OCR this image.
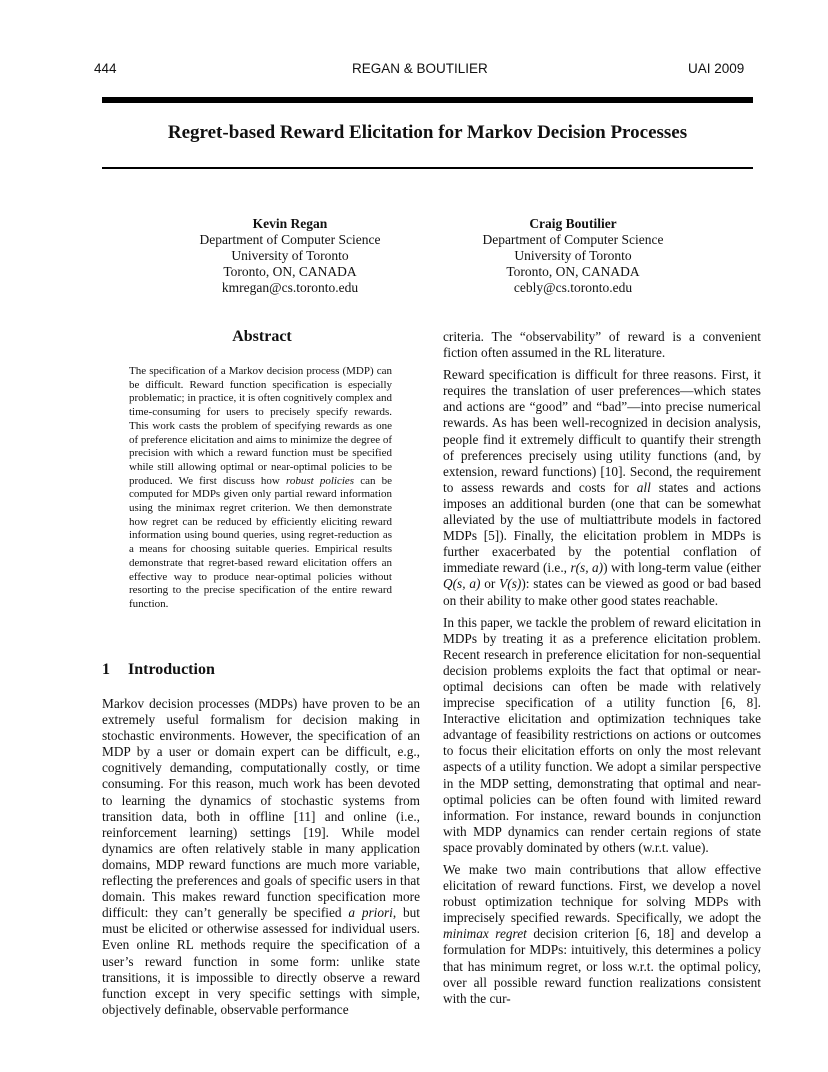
444	REGAN & BOUTILIER	UAI 2009
Regret-based Reward Elicitation for Markov Decision Processes
Kevin Regan
Department of Computer Science
University of Toronto
Toronto, ON, CANADA
kmregan@cs.toronto.edu
Craig Boutilier
Department of Computer Science
University of Toronto
Toronto, ON, CANADA
cebly@cs.toronto.edu
Abstract
The specification of a Markov decision process (MDP) can be difficult. Reward function specification is especially problematic; in practice, it is often cognitively complex and time-consuming for users to precisely specify rewards. This work casts the problem of specifying rewards as one of preference elicitation and aims to minimize the degree of precision with which a reward function must be specified while still allowing optimal or near-optimal policies to be produced. We first discuss how robust policies can be computed for MDPs given only partial reward information using the minimax regret criterion. We then demonstrate how regret can be reduced by efficiently eliciting reward information using bound queries, using regret-reduction as a means for choosing suitable queries. Empirical results demonstrate that regret-based reward elicitation offers an effective way to produce near-optimal policies without resorting to the precise specification of the entire reward function.
1 Introduction

Markov decision processes (MDPs) have proven to be an extremely useful formalism for decision making in stochastic environments. However, the specification of an MDP by a user or domain expert can be difficult, e.g., cognitively demanding, computationally costly, or time consuming. For this reason, much work has been devoted to learning the dynamics of stochastic systems from transition data, both in offline [11] and online (i.e., reinforcement learning) settings [19]. While model dynamics are often relatively stable in many application domains, MDP reward functions are much more variable, reflecting the preferences and goals of specific users in that domain. This makes reward function specification more difficult: they can’t generally be specified a priori, but must be elicited or otherwise assessed for individual users. Even online RL methods require the specification of a user’s reward function in some form: unlike state transitions, it is impossible to directly observe a reward function except in very specific settings with simple, objectively definable, observable performance

criteria. The “observability” of reward is a convenient fiction often assumed in the RL literature.

Reward specification is difficult for three reasons. First, it requires the translation of user preferences—which states and actions are “good” and “bad”—into precise numerical rewards. As has been well-recognized in decision analysis, people find it extremely difficult to quantify their strength of preferences precisely using utility functions (and, by extension, reward functions) [10]. Second, the requirement to assess rewards and costs for all states and actions imposes an additional burden (one that can be somewhat alleviated by the use of multiattribute models in factored MDPs [5]). Finally, the elicitation problem in MDPs is further exacerbated by the potential conflation of immediate reward (i.e., r(s, a)) with long-term value (either Q(s, a) or V(s)): states can be viewed as good or bad based on their ability to make other good states reachable.

In this paper, we tackle the problem of reward elicitation in MDPs by treating it as a preference elicitation problem. Recent research in preference elicitation for non-sequential decision problems exploits the fact that optimal or near-optimal decisions can often be made with relatively imprecise specification of a utility function [6, 8]. Interactive elicitation and optimization techniques take advantage of feasibility restrictions on actions or outcomes to focus their elicitation efforts on only the most relevant aspects of a utility function. We adopt a similar perspective in the MDP setting, demonstrating that optimal and near-optimal policies can be often found with limited reward information. For instance, reward bounds in conjunction with MDP dynamics can render certain regions of state space provably dominated by others (w.r.t. value).

We make two main contributions that allow effective elicitation of reward functions. First, we develop a novel robust optimization technique for solving MDPs with imprecisely specified rewards. Specifically, we adopt the minimax regret decision criterion [6, 18] and develop a formulation for MDPs: intuitively, this determines a policy that has minimum regret, or loss w.r.t. the optimal policy, over all possible reward function realizations consistent with the cur-
